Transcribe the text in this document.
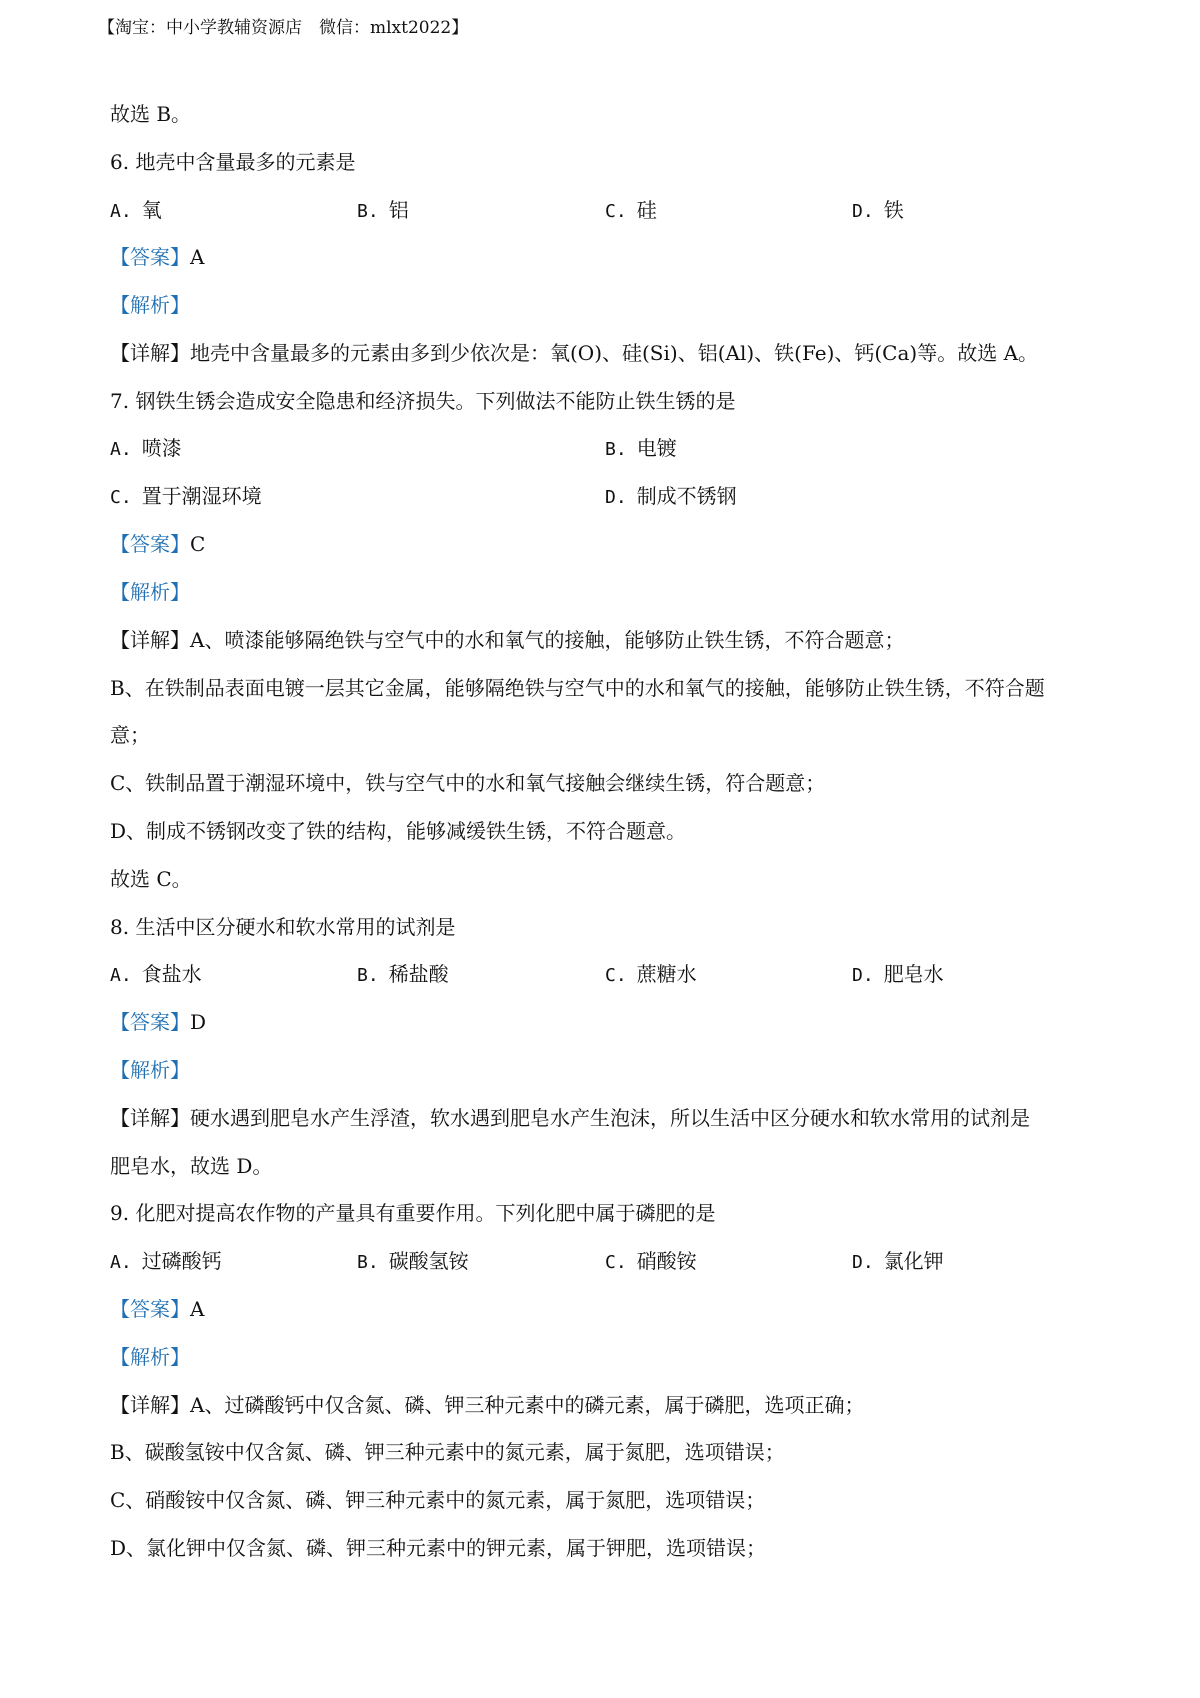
【淘宝：中小学教辅资源店　微信：mlxt2022】
故选 B。
6. 地壳中含量最多的元素是
A. 氧	B. 铝	C. 硅	D. 铁
【答案】A
【解析】
【详解】地壳中含量最多的元素由多到少依次是：氧(O)、硅(Si)、铝(Al)、铁(Fe)、钙(Ca)等。故选 A。
7. 钢铁生锈会造成安全隐患和经济损失。下列做法不能防止铁生锈的是
A. 喷漆	B. 电镀
C. 置于潮湿环境	D. 制成不锈钢
【答案】C
【解析】
【详解】A、喷漆能够隔绝铁与空气中的水和氧气的接触，能够防止铁生锈，不符合题意；
B、在铁制品表面电镀一层其它金属，能够隔绝铁与空气中的水和氧气的接触，能够防止铁生锈，不符合题
意；
C、铁制品置于潮湿环境中，铁与空气中的水和氧气接触会继续生锈，符合题意；
D、制成不锈钢改变了铁的结构，能够减缓铁生锈，不符合题意。
故选 C。
8. 生活中区分硬水和软水常用的试剂是
A. 食盐水	B. 稀盐酸	C. 蔗糖水	D. 肥皂水
【答案】D
【解析】
【详解】硬水遇到肥皂水产生浮渣，软水遇到肥皂水产生泡沫，所以生活中区分硬水和软水常用的试剂是
肥皂水，故选 D。
9. 化肥对提高农作物的产量具有重要作用。下列化肥中属于磷肥的是
A. 过磷酸钙	B. 碳酸氢铵	C. 硝酸铵	D. 氯化钾
【答案】A
【解析】
【详解】A、过磷酸钙中仅含氮、磷、钾三种元素中的磷元素，属于磷肥，选项正确；
B、碳酸氢铵中仅含氮、磷、钾三种元素中的氮元素，属于氮肥，选项错误；
C、硝酸铵中仅含氮、磷、钾三种元素中的氮元素，属于氮肥，选项错误；
D、氯化钾中仅含氮、磷、钾三种元素中的钾元素，属于钾肥，选项错误；
